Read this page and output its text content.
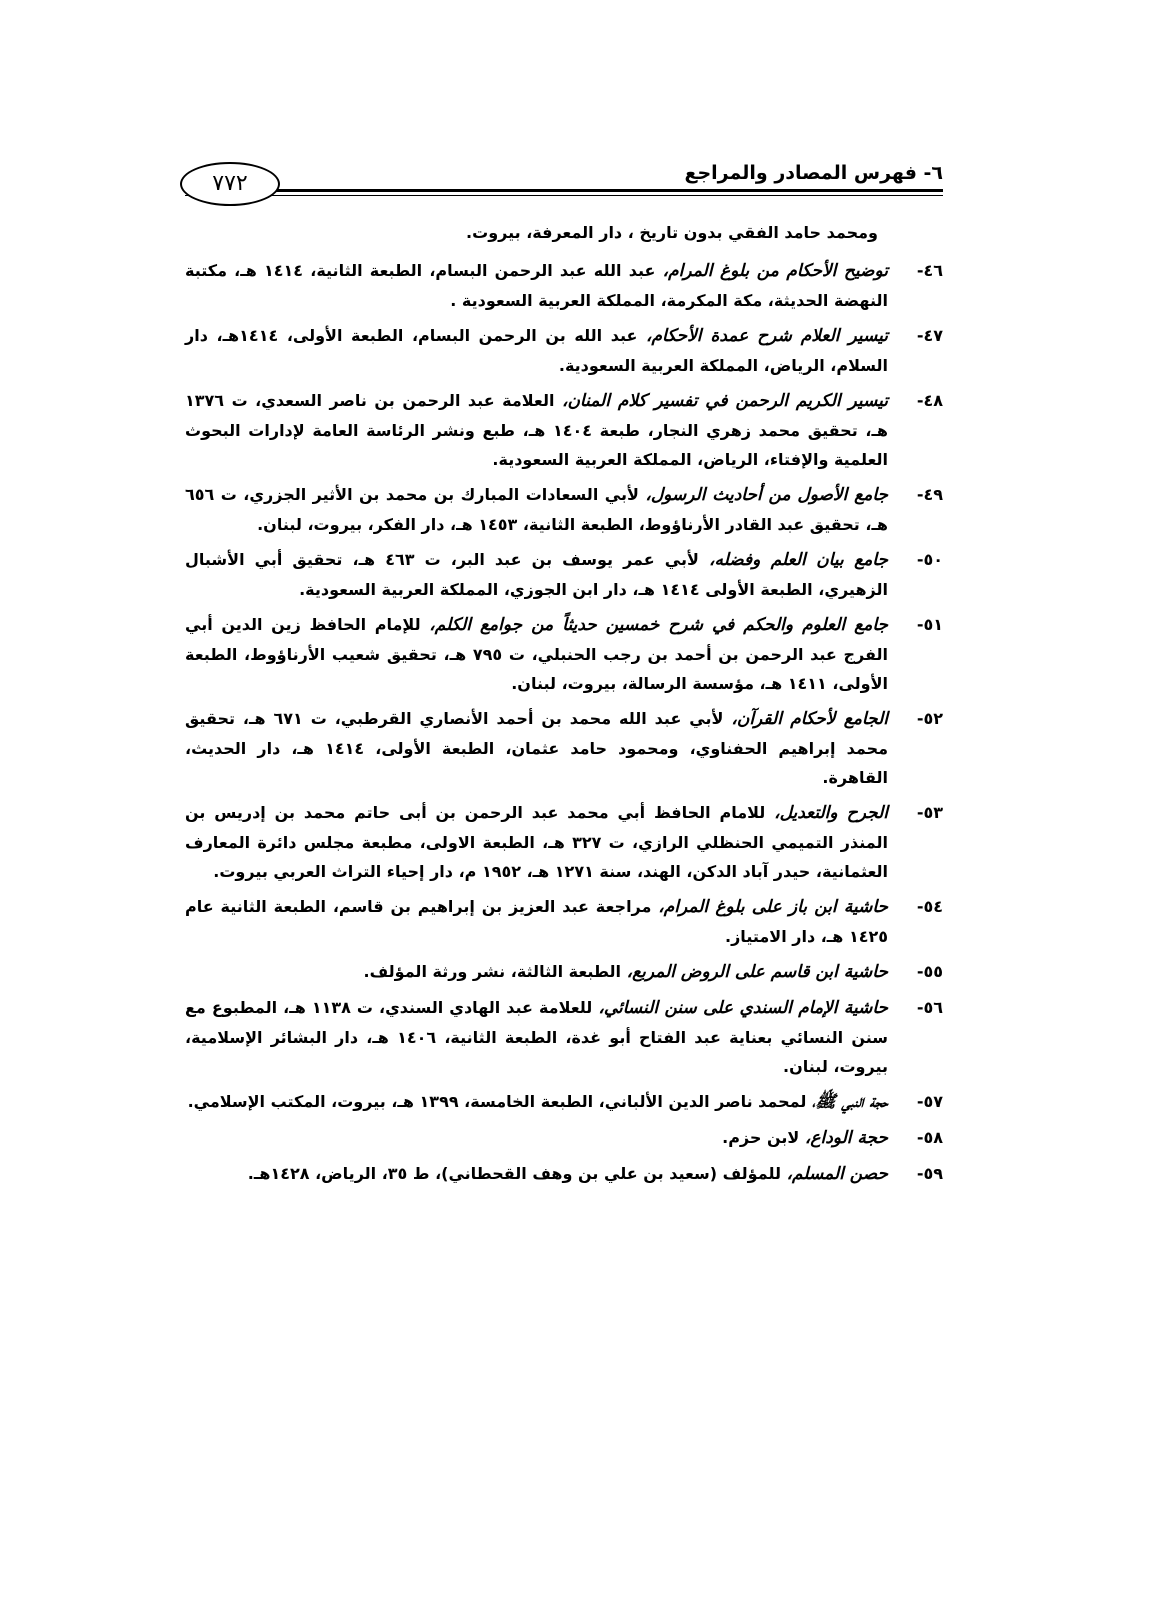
٦- فهرس المصادر والمراجع
٧٧٢

ومحمد حامد الفقي بدون تاريخ ، دار المعرفة، بيروت.

٤٦-
توضيح الأحكام من بلوغ المرام، عبد الله عبد الرحمن البسام، الطبعة الثانية، ١٤١٤ هـ، مكتبة النهضة الحديثة، مكة المكرمة، المملكة العربية السعودية .
٤٧-
تيسير العلام شرح عمدة الأحكام، عبد الله بن الرحمن البسام، الطبعة الأولى، ١٤١٤هـ، دار السلام، الرياض، المملكة العربية السعودية.
٤٨-
تيسير الكريم الرحمن في تفسير كلام المنان، العلامة عبد الرحمن بن ناصر السعدي، ت ١٣٧٦ هـ، تحقيق محمد زهري النجار، طبعة ١٤٠٤ هـ، طبع ونشر الرئاسة العامة لإدارات البحوث العلمية والإفتاء، الرياض، المملكة العربية السعودية.
٤٩-
جامع الأصول من أحاديث الرسول، لأبي السعادات المبارك بن محمد بن الأثير الجزري، ت ٦٥٦ هـ، تحقيق عبد القادر الأرناؤوط، الطبعة الثانية، ١٤٥٣ هـ، دار الفكر، بيروت، لبنان.
٥٠-
جامع بيان العلم وفضله، لأبي عمر يوسف بن عبد البر، ت ٤٦٣ هـ، تحقيق أبي الأشبال الزهيري، الطبعة الأولى ١٤١٤ هـ، دار ابن الجوزي، المملكة العربية السعودية.
٥١-
جامع العلوم والحكم في شرح خمسين حديثاً من جوامع الكلم، للإمام الحافظ زين الدين أبي الفرج عبد الرحمن بن أحمد بن رجب الحنبلي، ت ٧٩٥ هـ، تحقيق شعيب الأرناؤوط، الطبعة الأولى، ١٤١١ هـ، مؤسسة الرسالة، بيروت، لبنان.
٥٢-
الجامع لأحكام القرآن، لأبي عبد الله محمد بن أحمد الأنصاري القرطبي، ت ٦٧١ هـ، تحقيق محمد إبراهيم الحفناوي، ومحمود حامد عثمان، الطبعة الأولى، ١٤١٤ هـ، دار الحديث، القاهرة.
٥٣-
الجرح والتعديل، للامام الحافظ أبي محمد عبد الرحمن بن أبى حاتم محمد بن إدريس بن المنذر التميمي الحنظلي الرازي، ت ٣٢٧ هـ، الطبعة الاولى، مطبعة مجلس دائرة المعارف العثمانية، حيدر آباد الدكن، الهند، سنة ١٢٧١ هـ، ١٩٥٢ م، دار إحياء التراث العربي بيروت.
٥٤-
حاشية ابن باز على بلوغ المرام، مراجعة عبد العزيز بن إبراهيم بن قاسم، الطبعة الثانية عام ١٤٢٥ هـ، دار الامتياز.
٥٥-
حاشية ابن قاسم على الروض المربع، الطبعة الثالثة، نشر ورثة المؤلف.
٥٦-
حاشية الإمام السندي على سنن النسائي، للعلامة عبد الهادي السندي، ت ١١٣٨ هـ، المطبوع مع سنن النسائي بعناية عبد الفتاح أبو غدة، الطبعة الثانية، ١٤٠٦ هـ، دار البشائر الإسلامية، بيروت، لبنان.
٥٧-
حجة النبي ﷺ، لمحمد ناصر الدين الألباني، الطبعة الخامسة، ١٣٩٩ هـ، بيروت، المكتب الإسلامي.
٥٨-
حجة الوداع، لابن حزم.
٥٩-
حصن المسلم، للمؤلف (سعيد بن علي بن وهف القحطاني)، ط ٣٥، الرياض، ١٤٢٨هـ.
